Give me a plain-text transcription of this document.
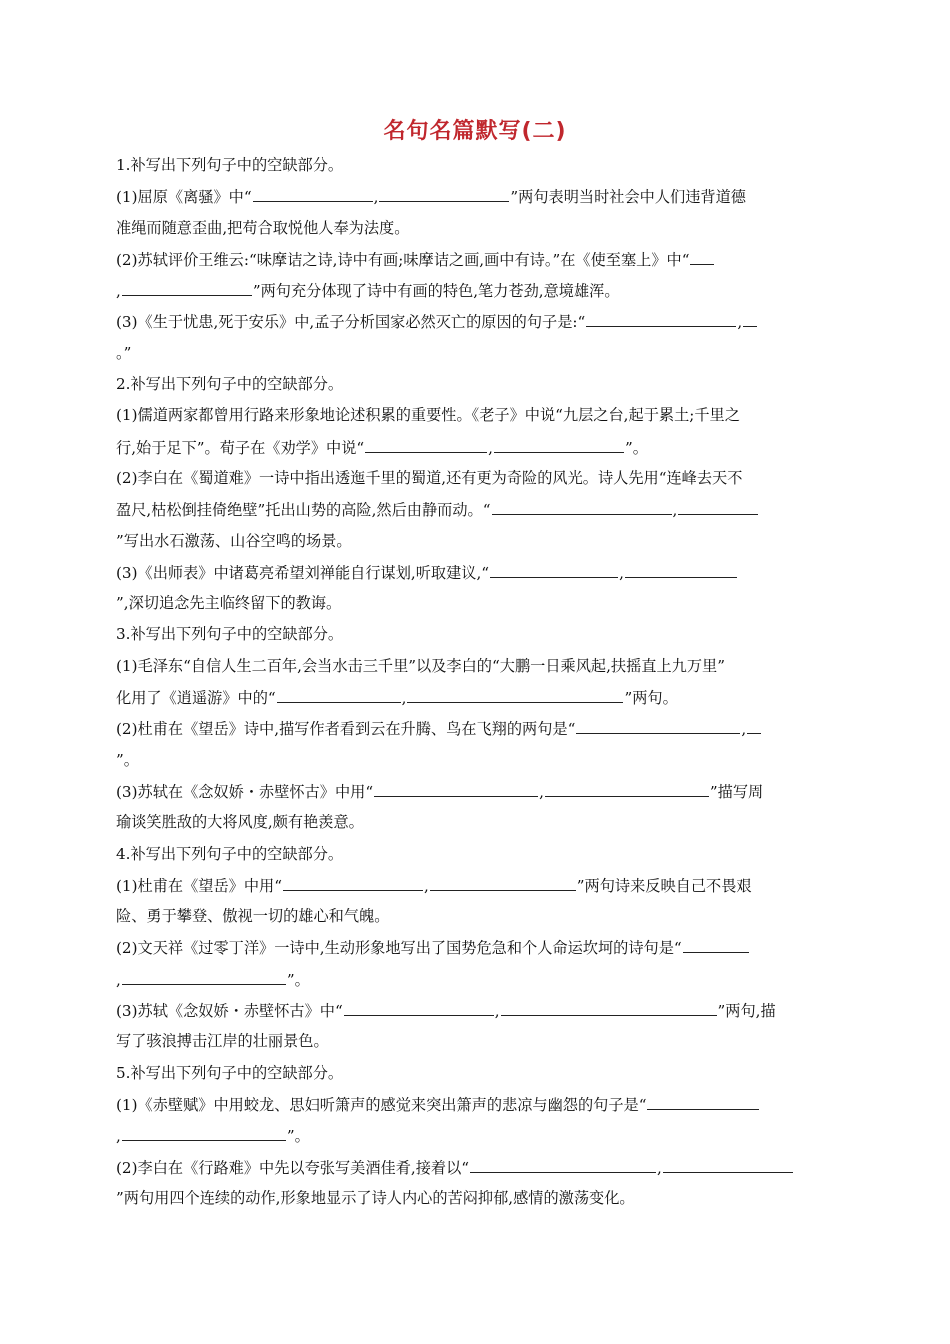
名句名篇默写(二)
1.补写出下列句子中的空缺部分。
(1)屈原《离骚》中“	,	”两句表明当时社会中人们违背道德
准绳而随意歪曲,把苟合取悦他人奉为法度。
(2)苏轼评价王维云:“味摩诘之诗,诗中有画;味摩诘之画,画中有诗。”在《使至塞上》中“
,	”两句充分体现了诗中有画的特色,笔力苍劲,意境雄浑。
(3)《生于忧患,死于安乐》中,孟子分析国家必然灭亡的原因的句子是:“	,
。”
2.补写出下列句子中的空缺部分。
(1)儒道两家都曾用行路来形象地论述积累的重要性。《老子》中说“九层之台,起于累土;千里之
行,始于足下”。荀子在《劝学》中说“	,	”。
(2)李白在《蜀道难》一诗中指出透迤千里的蜀道,还有更为奇险的风光。诗人先用“连峰去天不
盈尺,枯松倒挂倚绝壁”托出山势的高险,然后由静而动。“	,
”写出水石激荡、山谷空鸣的场景。
(3)《出师表》中诸葛亮希望刘禅能自行谋划,听取建议,“	,
”,深切追念先主临终留下的教诲。
3.补写出下列句子中的空缺部分。
(1)毛泽东“自信人生二百年,会当水击三千里”以及李白的“大鹏一日乘风起,扶摇直上九万里”
化用了《逍遥游》中的“	,	”两句。
(2)杜甫在《望岳》诗中,描写作者看到云在升腾、鸟在飞翔的两句是“	,
”。
(3)苏轼在《念奴娇・赤壁怀古》中用“	,	”描写周
瑜谈笑胜敌的大将风度,颇有艳羡意。
4.补写出下列句子中的空缺部分。
(1)杜甫在《望岳》中用“	,	”两句诗来反映自己不畏艰
险、勇于攀登、傲视一切的雄心和气魄。
(2)文天祥《过零丁洋》一诗中,生动形象地写出了国势危急和个人命运坎坷的诗句是“
,	”。
(3)苏轼《念奴娇・赤壁怀古》中“	,	”两句,描
写了骇浪搏击江岸的壮丽景色。
5.补写出下列句子中的空缺部分。
(1)《赤壁赋》中用蛟龙、思妇听箫声的感觉来突出箫声的悲凉与幽怨的句子是“
,	”。
(2)李白在《行路难》中先以夸张写美酒佳肴,接着以“	,
”两句用四个连续的动作,形象地显示了诗人内心的苦闷抑郁,感情的激荡变化。
